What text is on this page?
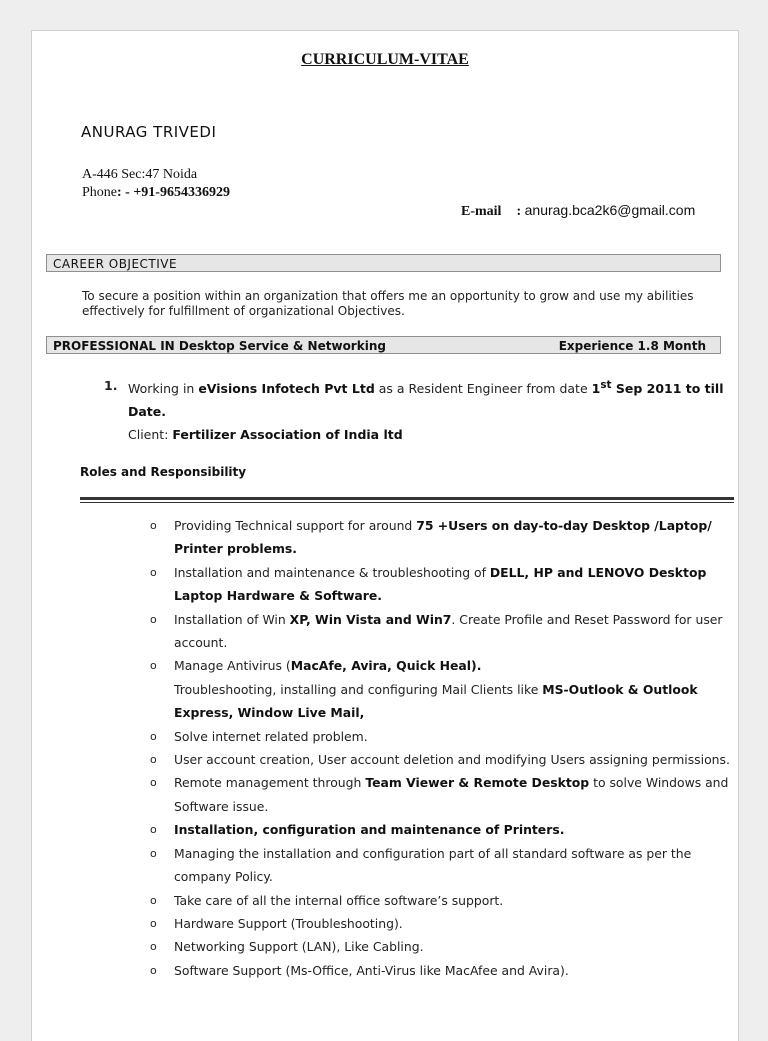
CURRICULUM-VITAE
ANURAG TRIVEDI
A-446 Sec:47 Noida
Phone: - +91-9654336929
E-mail : anurag.bca2k6@gmail.com
CAREER OBJECTIVE
To secure a position within an organization that offers me an opportunity to grow and use my abilities effectively for fulfillment of organizational Objectives.
PROFESSIONAL IN Desktop Service & Networking	Experience 1.8 Month
1. Working in eVisions Infotech Pvt Ltd as a Resident Engineer from date 1st Sep 2011 to till Date.
Client: Fertilizer Association of India ltd
Roles and Responsibility
o Providing Technical support for around 75 +Users on day-to-day Desktop /Laptop/ Printer problems.
o Installation and maintenance & troubleshooting of DELL, HP and LENOVO Desktop Laptop Hardware & Software.
o Installation of Win XP, Win Vista and Win7. Create Profile and Reset Password for user account.
o Manage Antivirus (MacAfe, Avira, Quick Heal).
Troubleshooting, installing and configuring Mail Clients like MS-Outlook & Outlook Express, Window Live Mail,
o Solve internet related problem.
o User account creation, User account deletion and modifying Users assigning permissions.
o Remote management through Team Viewer & Remote Desktop to solve Windows and Software issue.
o Installation, configuration and maintenance of Printers.
o Managing the installation and configuration part of all standard software as per the company Policy.
o Take care of all the internal office software’s support.
o Hardware Support (Troubleshooting).
o Networking Support (LAN), Like Cabling.
o Software Support (Ms-Office, Anti-Virus like MacAfee and Avira).
